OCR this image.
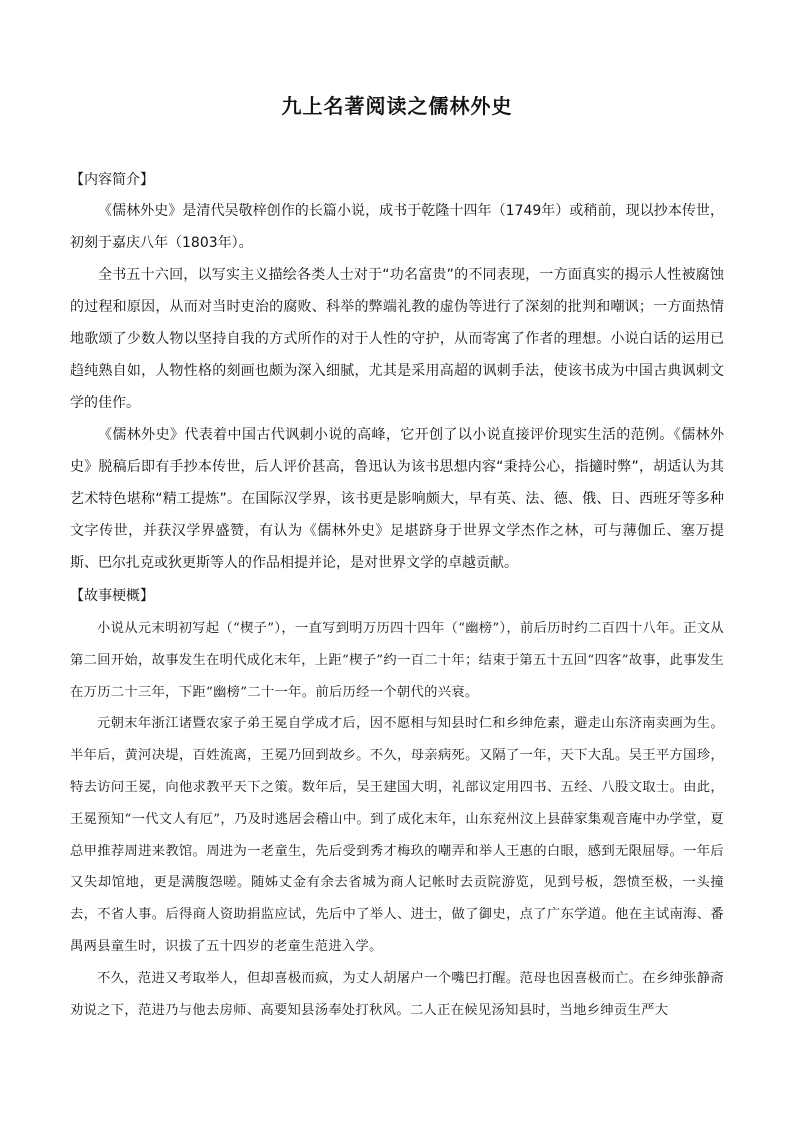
九上名著阅读之儒林外史
【内容简介】

《儒林外史》是清代吴敬梓创作的长篇小说，成书于乾隆十四年（1749年）或稍前，现以抄本传世，初刻于嘉庆八年（1803年）。

全书五十六回，以写实主义描绘各类人士对于“功名富贵”的不同表现，一方面真实的揭示人性被腐蚀的过程和原因，从而对当时吏治的腐败、科举的弊端礼教的虚伪等进行了深刻的批判和嘲讽；一方面热情地歌颂了少数人物以坚持自我的方式所作的对于人性的守护，从而寄寓了作者的理想。小说白话的运用已趋纯熟自如，人物性格的刻画也颇为深入细腻，尤其是采用高超的讽刺手法，使该书成为中国古典讽刺文学的佳作。

《儒林外史》代表着中国古代讽刺小说的高峰，它开创了以小说直接评价现实生活的范例。《儒林外史》脱稿后即有手抄本传世，后人评价甚高，鲁迅认为该书思想内容“秉持公心，指擿时弊”，胡适认为其艺术特色堪称“精工提炼”。在国际汉学界，该书更是影响颇大，早有英、法、德、俄、日、西班牙等多种文字传世，并获汉学界盛赞，有认为《儒林外史》足堪跻身于世界文学杰作之林，可与薄伽丘、塞万提斯、巴尔扎克或狄更斯等人的作品相提并论，是对世界文学的卓越贡献。

【故事梗概】

小说从元末明初写起（“楔子”），一直写到明万历四十四年（“幽榜”），前后历时约二百四十八年。正文从第二回开始，故事发生在明代成化末年，上距“楔子”约一百二十年；结束于第五十五回“四客”故事，此事发生在万历二十三年，下距“幽榜”二十一年。前后历经一个朝代的兴衰。

元朝末年浙江诸暨农家子弟王冕自学成才后，因不愿相与知县时仁和乡绅危素，避走山东济南卖画为生。半年后，黄河决堤，百姓流离，王冕乃回到故乡。不久，母亲病死。又隔了一年，天下大乱。吴王平方国珍，特去访问王冕，向他求教平天下之策。数年后，吴王建国大明，礼部议定用四书、五经、八股文取士。由此，王冕预知“一代文人有厄”，乃及时逃居会稽山中。到了成化末年，山东兖州汶上县薛家集观音庵中办学堂，夏总甲推荐周进来教馆。周进为一老童生，先后受到秀才梅玖的嘲弄和举人王惠的白眼，感到无限屈辱。一年后又失却馆地，更是满腹怨嗟。随姊丈金有余去省城为商人记帐时去贡院游览，见到号板，怨愤至极，一头撞去，不省人事。后得商人资助捐监应试，先后中了举人、进士，做了御史，点了广东学道。他在主试南海、番禺两县童生时，识拔了五十四岁的老童生范进入学。

不久，范进又考取举人，但却喜极而疯，为丈人胡屠户一个嘴巴打醒。范母也因喜极而亡。在乡绅张静斋劝说之下，范进乃与他去房师、高要知县汤奉处打秋风。二人正在候见汤知县时，当地乡绅贡生严大
